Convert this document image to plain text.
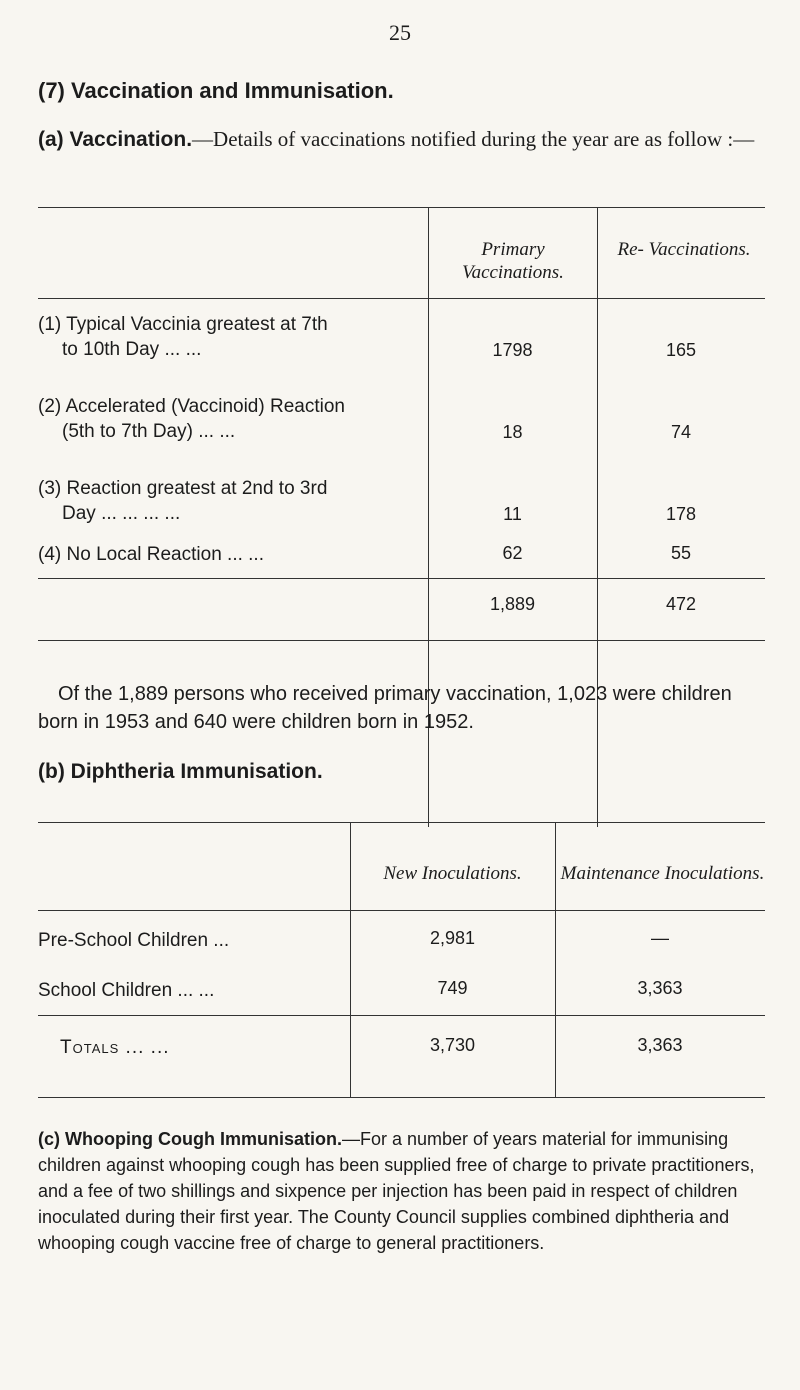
25
(7) Vaccination and Immunisation.
(a) Vaccination.—Details of vaccinations notified during the year are as follow :—
Primary Vaccinations.
Re- Vaccinations.
(1) Typical Vaccinia greatest at 7th
to 10th Day ... ...	1798	165
(2) Accelerated (Vaccinoid) Reaction
(5th to 7th Day) ... ...	18	74
(3) Reaction greatest at 2nd to 3rd
Day ... ... ... ...	11	178
(4) No Local Reaction ... ...	62	55
1,889	472
Of the 1,889 persons who received primary vaccination, 1,023 were children born in 1953 and 640 were children born in 1952.
(b) Diphtheria Immunisation.
New Inoculations.	Maintenance Inoculations.
Pre-School Children ...	2,981	—
School Children ... ...	749	3,363
Totals ... ...	3,730	3,363
(c) Whooping Cough Immunisation.—For a number of years material for immunising children against whooping cough has been supplied free of charge to private practitioners, and a fee of two shillings and sixpence per injection has been paid in respect of children inoculated during their first year. The County Council supplies combined diphtheria and whooping cough vaccine free of charge to general practitioners.
